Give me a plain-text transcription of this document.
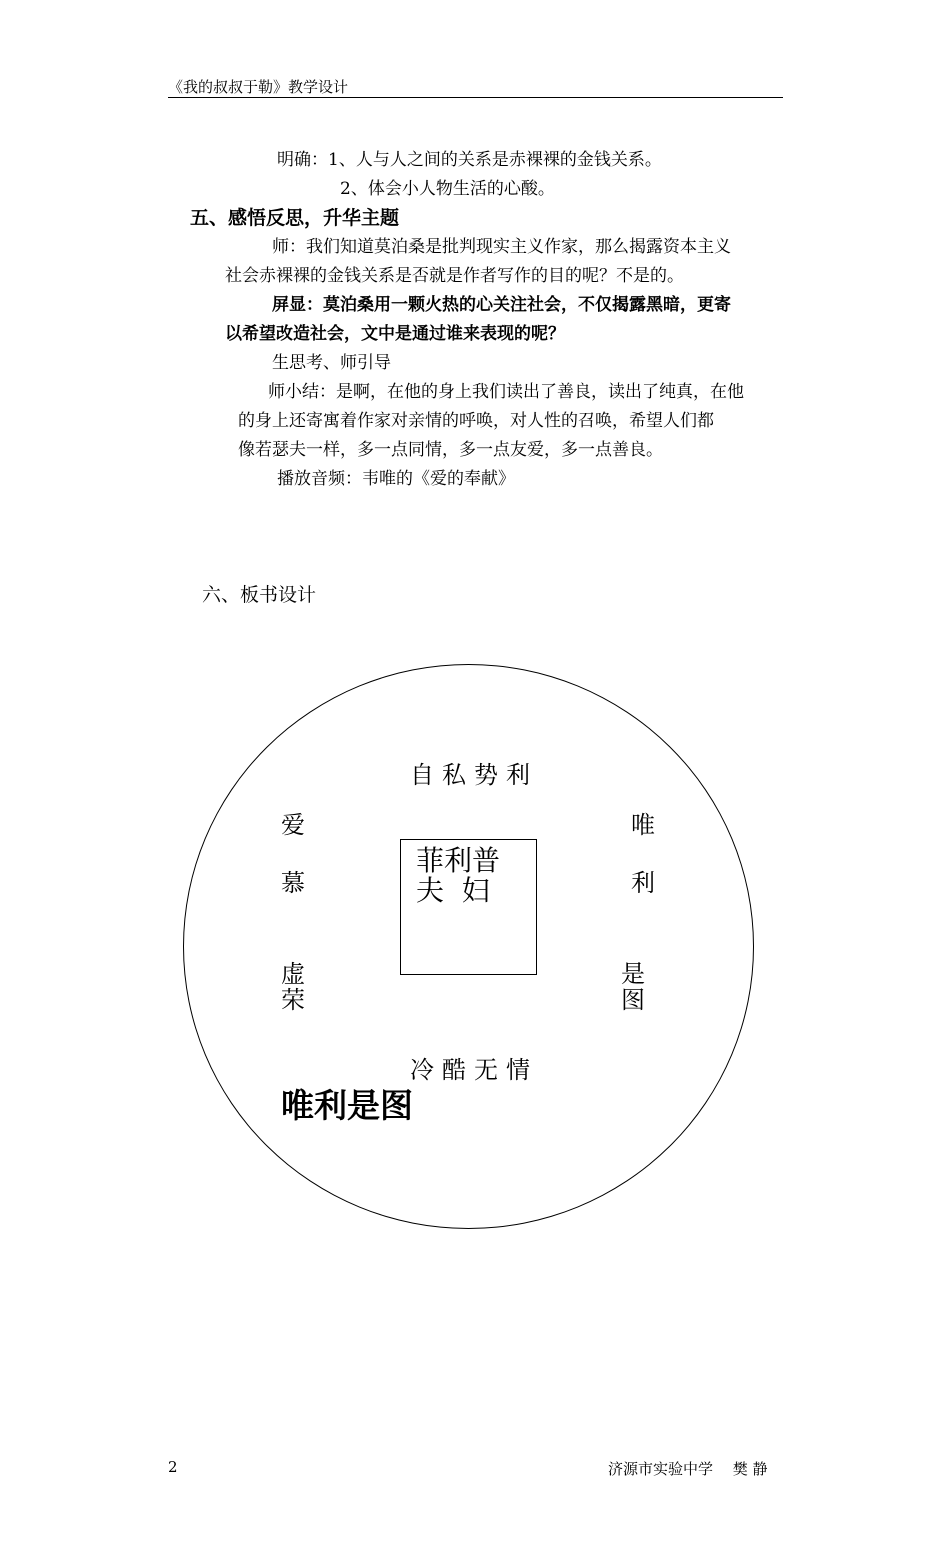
《我的叔叔于勒》教学设计
明确：1、人与人之间的关系是赤裸裸的金钱关系。
2、体会小人物生活的心酸。
五、感悟反思，升华主题
师：我们知道莫泊桑是批判现实主义作家，那么揭露资本主义
社会赤裸裸的金钱关系是否就是作者写作的目的呢？不是的。
屏显：莫泊桑用一颗火热的心关注社会，不仅揭露黑暗，更寄
以希望改造社会，文中是通过谁来表现的呢？
生思考、师引导
师小结：是啊，在他的身上我们读出了善良，读出了纯真，在他
的身上还寄寓着作家对亲情的呼唤，对人性的召唤，希望人们都
像若瑟夫一样，多一点同情，多一点友爱，多一点善良。
播放音频：韦唯的《爱的奉献》
六、板书设计
自私势利
冷酷无情
爱
慕
虚
荣
唯
利
是
图
菲利普
夫  妇
唯利是图
2	济源市实验中学　 樊 静
